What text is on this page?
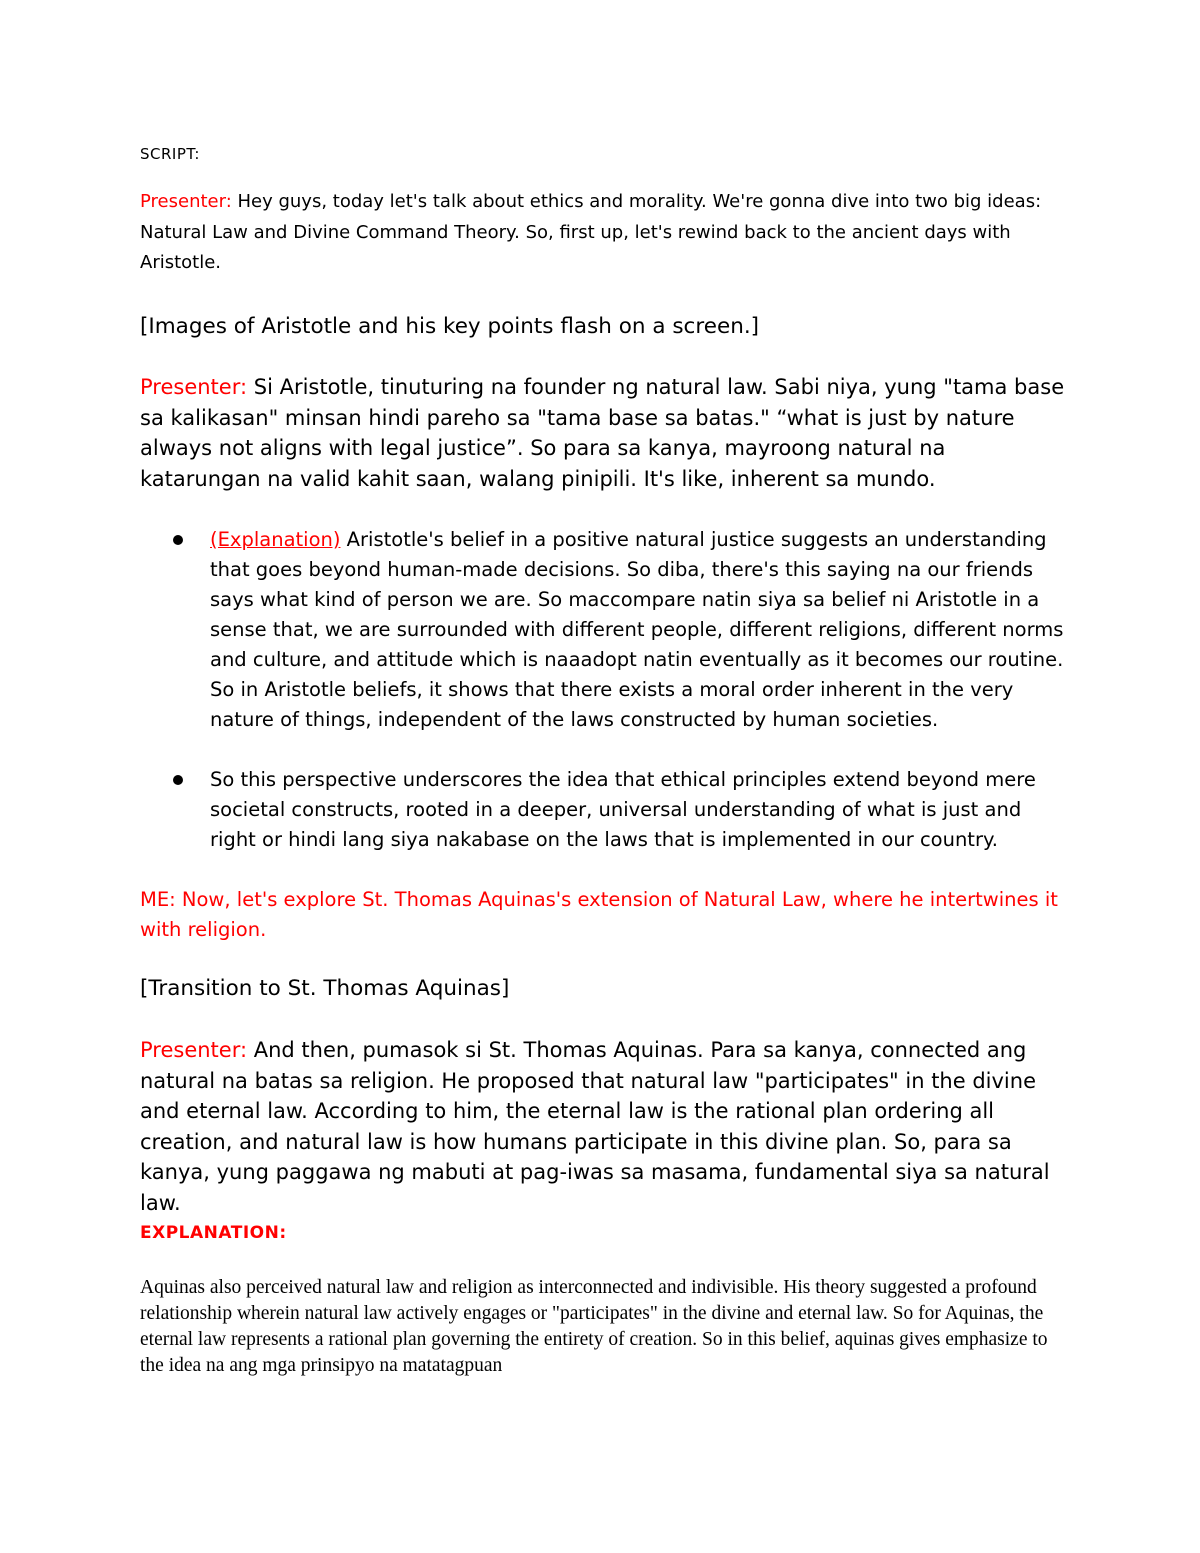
SCRIPT:

Presenter: Hey guys, today let's talk about ethics and morality. We're gonna dive into two big ideas: Natural Law and Divine Command Theory. So, first up, let's rewind back to the ancient days with Aristotle.

[Images of Aristotle and his key points flash on a screen.]

Presenter: Si Aristotle, tinuturing na founder ng natural law. Sabi niya, yung "tama base sa kalikasan" minsan hindi pareho sa "tama base sa batas." “what is just by nature always not aligns with legal justice”. So para sa kanya, mayroong natural na katarungan na valid kahit saan, walang pinipili. It's like, inherent sa mundo.

(Explanation) Aristotle's belief in a positive natural justice suggests an understanding that goes beyond human-made decisions. So diba, there's this saying na our friends says what kind of person we are. So maccompare natin siya sa belief ni Aristotle in a sense that, we are surrounded with different people, different religions, different norms and culture, and attitude which is naaadopt natin eventually as it becomes our routine. So in Aristotle beliefs, it shows that there exists a moral order inherent in the very nature of things, independent of the laws constructed by human societies.
So this perspective underscores the idea that ethical principles extend beyond mere societal constructs, rooted in a deeper, universal understanding of what is just and right or hindi lang siya nakabase on the laws that is implemented in our country.

ME: Now, let's explore St. Thomas Aquinas's extension of Natural Law, where he intertwines it with religion.

[Transition to St. Thomas Aquinas]

Presenter: And then, pumasok si St. Thomas Aquinas. Para sa kanya, connected ang natural na batas sa religion. He proposed that natural law "participates" in the divine and eternal law. According to him, the eternal law is the rational plan ordering all creation, and natural law is how humans participate in this divine plan. So, para sa kanya, yung paggawa ng mabuti at pag-iwas sa masama, fundamental siya sa natural law.

EXPLANATION:

Aquinas also perceived natural law and religion as interconnected and indivisible. His theory suggested a profound relationship wherein natural law actively engages or "participates" in the divine and eternal law. So for Aquinas, the eternal law represents a rational plan governing the entirety of creation. So in this belief, aquinas gives emphasize to the idea na ang mga prinsipyo na matatagpuan
